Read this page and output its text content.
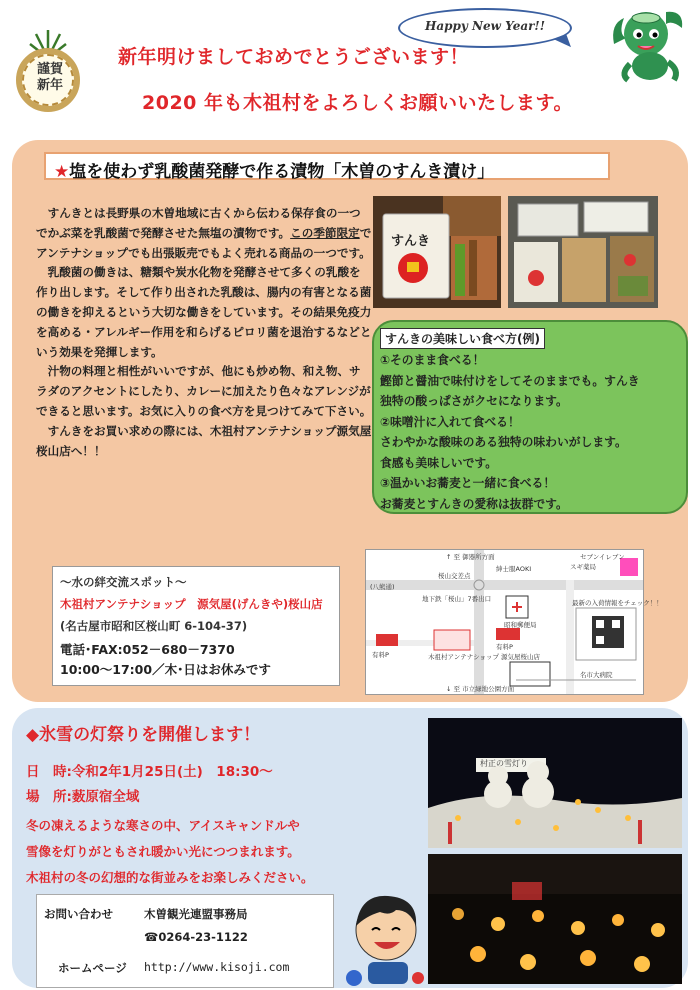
Happy New Year!!
謹賀
新年
新年明けましておめでとうございます！
2020 年も木祖村をよろしくお願いいたします。
★塩を使わず乳酸菌発酵で作る漬物「木曽のすんき漬け」

すんきとは長野県の木曽地域に古くから伝わる保存食の一つでかぶ菜を乳酸菌で発酵させた無塩の漬物です。この季節限定でアンテナショップでも出張販売でもよく売れる商品の一つです。

乳酸菌の働きは、糖類や炭水化物を発酵させて多くの乳酸を作り出します。そして作り出された乳酸は、腸内の有害となる菌の働きを抑えるという大切な働きをしています。その結果免疫力を高める・アレルギー作用を和らげるピロリ菌を退治するなどという効果を発揮します。

汁物の料理と相性がいいですが、他にも炒め物、和え物、サラダのアクセントにしたり、カレーに加えたり色々なアレンジができると思います。お気に入りの食べ方を見つけてみて下さい。

すんきをお買い求めの際には、木祖村アンテナショップ源気屋 桜山店へ！！

すんき
すんきの美味しい食べ方(例)
①そのまま食べる！
鰹節と醤油で味付けをしてそのままでも。すんき
独特の酸っぱさがクセになります。
②味噌汁に入れて食べる！
さわやかな酸味のある独特の味わいがします。
食感も美味しいです。
③温かいお蕎麦と一緒に食べる！
お蕎麦とすんきの愛称は抜群です。
～水の絆交流スポット～
木祖村アンテナショップ　源気屋(げんきや)桜山店
(名古屋市昭和区桜山町 6-104-37)
電話･FAX:052－680－7370
10:00～17:00／木･日はお休みです
↑ 至 御器所方面
↓ 至 市立緑地公園方面
桜山交差点
(八熊通)
地下鉄「桜山」7番出口
木祖村アンテナショップ 源気屋桜山店
有料P
有料P
昭和郵便局
名市大病院
最新の入荷情報をチェック！！
スギ薬局
セブンイレブン
紳士服AOKI
◆氷雪の灯祭りを開催します！
日　時:令和2年1月25日(土)　18:30～
場　所:薮原宿全域
冬の凍えるような寒さの中、アイスキャンドルや
雪像を灯りがともされ暖かい光につつまれます。
木祖村の冬の幻想的な街並みをお楽しみください。
村正の雪灯り
お問い合わせ	木曽観光連盟事務局
☎0264-23-1122
ホームページ http://www.kisoji.com
